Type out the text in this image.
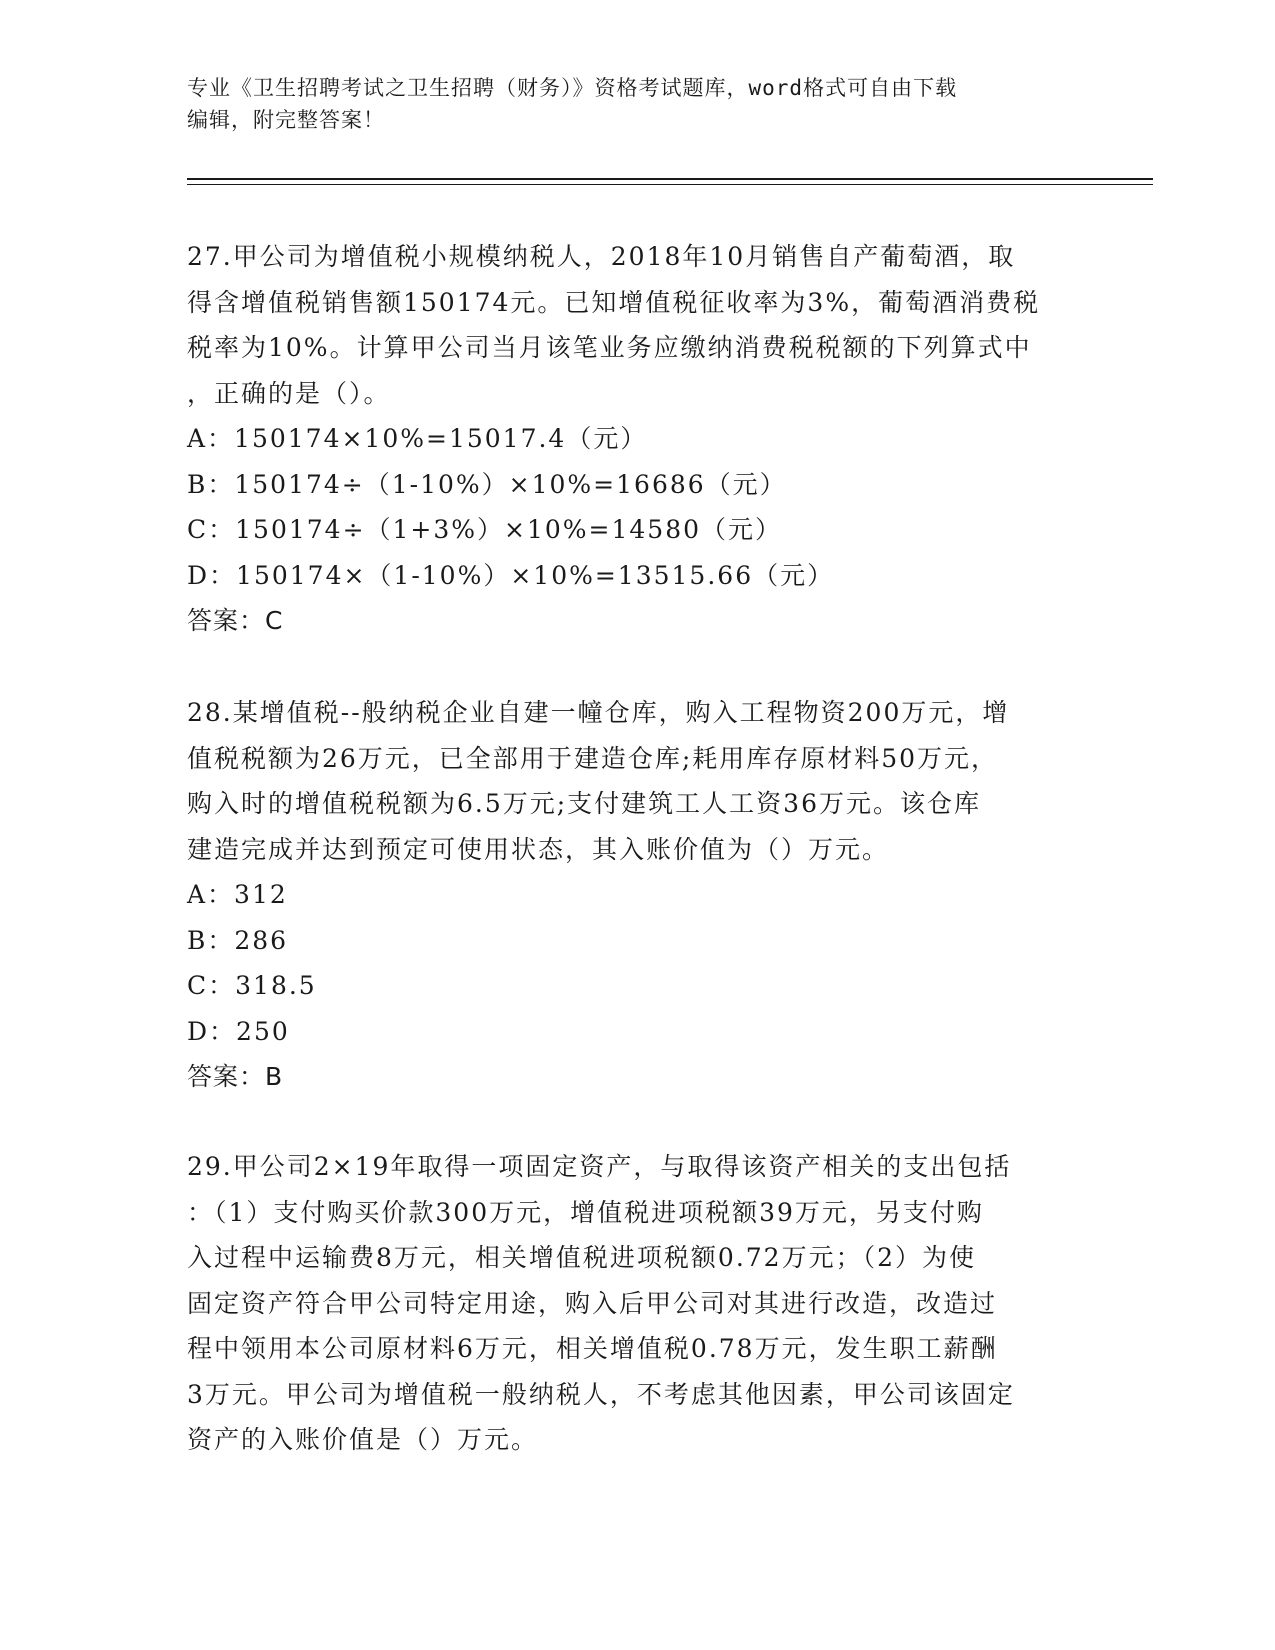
专业《卫生招聘考试之卫生招聘（财务）》资格考试题库，word格式可自由下载
编辑，附完整答案！
27.甲公司为增值税小规模纳税人，2018年10月销售自产葡萄酒，取
得含增值税销售额150174元。已知增值税征收率为3%，葡萄酒消费税
税率为10%。计算甲公司当月该笔业务应缴纳消费税税额的下列算式中
，正确的是（）。
A：150174×10%=15017.4（元）
B：150174÷（1-10%）×10%=16686（元）
C：150174÷（1+3%）×10%=14580（元）
D：150174×（1-10%）×10%=13515.66（元）
答案：C
28.某增值税--般纳税企业自建一幢仓库，购入工程物资200万元，增
值税税额为26万元，已全部用于建造仓库;耗用库存原材料50万元，
购入时的增值税税额为6.5万元;支付建筑工人工资36万元。该仓库
建造完成并达到预定可使用状态，其入账价值为（）万元。
A：312
B：286
C：318.5
D：250
答案：B
29.甲公司2×19年取得一项固定资产，与取得该资产相关的支出包括
：（1）支付购买价款300万元，增值税进项税额39万元，另支付购
入过程中运输费8万元，相关增值税进项税额0.72万元；（2）为使
固定资产符合甲公司特定用途，购入后甲公司对其进行改造，改造过
程中领用本公司原材料6万元，相关增值税0.78万元，发生职工薪酬
3万元。甲公司为增值税一般纳税人，不考虑其他因素，甲公司该固定
资产的入账价值是（）万元。
